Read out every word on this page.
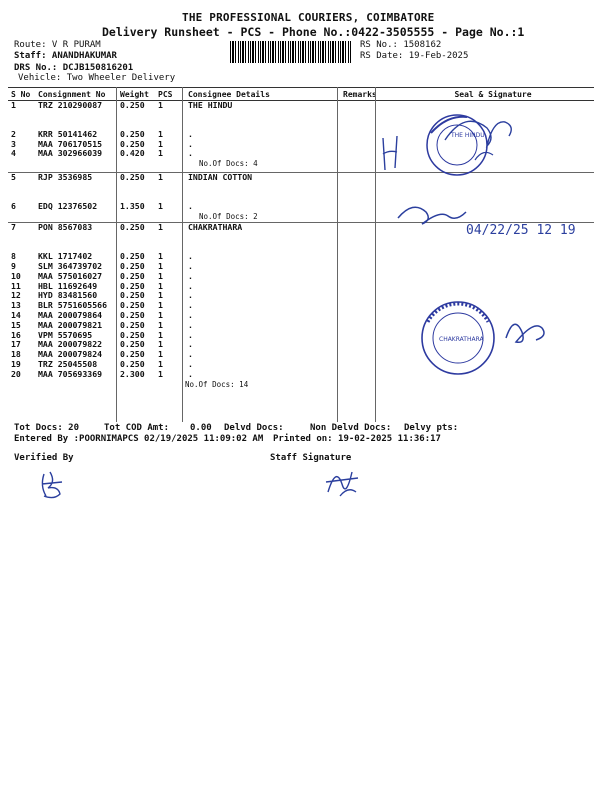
THE PROFESSIONAL COURIERS, COIMBATORE
Delivery Runsheet - PCS - Phone No.:0422-3505555 - Page No.:1
Route: V R PURAM
Staff: ANANDHAKUMAR
DRS No.: DCJB150816201
Vehicle: Two Wheeler Delivery
RS No.: 1508162
RS Date: 19-Feb-2025
S No	Consignment No	Weight	PCS	Consignee Details	Remarks	Seal & Signature
1	TRZ 210290087	0.250	1	THE HINDU		

2	KRR 50141462	0.250	1	.		
3	MAA 706170515	0.250	1	.		
4	MAA 302966039	0.420	1	.		
				No.Of Docs: 4		

5	RJP 3536985	0.250	1	INDIAN COTTON		

6	EDQ 12376502	1.350	1	.		
				No.Of Docs: 2		

7	PON 8567083	0.250	1	CHAKRATHARA		

8	KKL 1717402	0.250	1	.		
9	SLM 364739702	0.250	1	.		
10	MAA 575016027	0.250	1	.		
11	HBL 11692649	0.250	1	.		
12	HYD 83481560	0.250	1	.		
13	BLR 5751605566	0.250	1	.		
14	MAA 200079864	0.250	1	.		
15	MAA 200079821	0.250	1	.		
16	VPM 5570695	0.250	1	.		
17	MAA 200079822	0.250	1	.		
18	MAA 200079824	0.250	1	.		
19	TRZ 25045508	0.250	1	.		
20	MAA 705693369	2.300	1	.		
				No.Of Docs: 14		
THE HINDU
04/22/25 12 19
CHAKRATHARA
Tot Docs: 20	Tot COD Amt: 0.00 Delvd Docs:	Non Delvd Docs: Delvy pts:
Entered By :POORNIMAPCS 02/19/2025 11:09:02 AM Printed on: 19-02-2025 11:36:17
Verified By	Staff Signature
